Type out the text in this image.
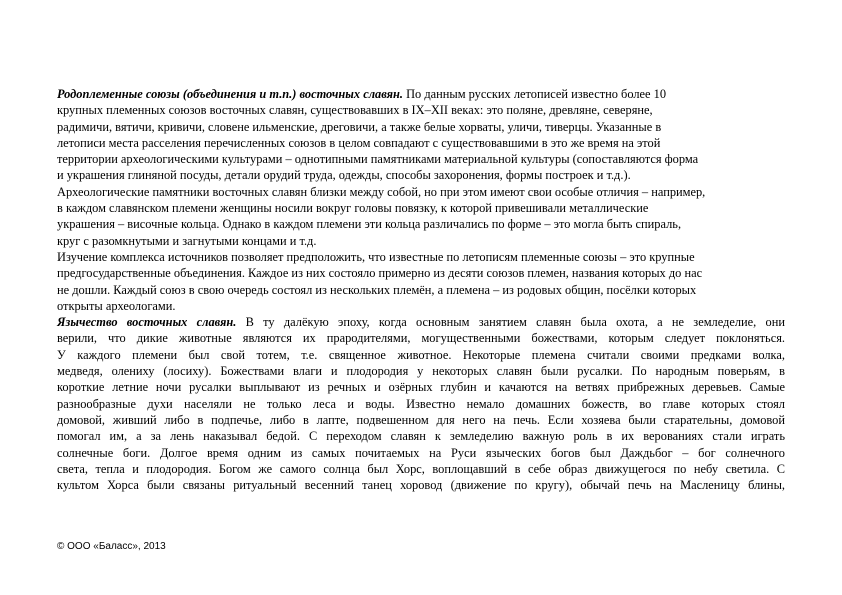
Родоплеменные союзы (объединения и т.п.) восточных славян. По данным русских летописей известно более 10
крупных племенных союзов восточных славян, существовавших в IX–XII веках: это поляне, древляне, северяне,
радимичи, вятичи, кривичи, словене ильменские, дреговичи, а также белые хорваты, уличи, тиверцы. Указанные в
летописи места расселения перечисленных союзов в целом совпадают с существовавшими в это же время на этой
территории археологическими культурами – однотипными памятниками материальной культуры (сопоставляются форма
и украшения глиняной посуды, детали орудий труда, одежды, способы захоронения, формы построек и т.д.).
Археологические памятники восточных славян близки между собой, но при этом имеют свои особые отличия – например,
в каждом славянском племени женщины носили вокруг головы повязку, к которой привешивали металлические
украшения – височные кольца. Однако в каждом племени эти кольца различались по форме – это могла быть спираль,
круг с разомкнутыми и загнутыми концами и т.д.
Изучение комплекса источников позволяет предположить, что известные по летописям племенные союзы – это крупные
предгосударственные объединения. Каждое из них состояло примерно из десяти союзов племен, названия которых до нас
не дошли. Каждый союз в свою очередь состоял из нескольких племён, а племена – из родовых общин, посёлки которых
открыты археологами.
Язычество восточных славян. В ту далёкую эпоху, когда основным занятием славян была охота, а не земледелие, они
верили, что дикие животные являются их прародителями, могущественными божествами, которым следует поклоняться.
У каждого племени был свой тотем, т.е. священное животное. Некоторые племена считали своими предками волка,
медведя, олениху (лосиху). Божествами влаги и плодородия у некоторых славян были русалки. По народным поверьям, в
короткие летние ночи русалки выплывают из речных и озёрных глубин и качаются на ветвях прибрежных деревьев. Самые
разнообразные духи населяли не только леса и воды. Известно немало домашних божеств, во главе которых стоял
домовой, живший либо в подпечье, либо в лапте, подвешенном для него на печь. Если хозяева были старательны, домовой
помогал им, а за лень наказывал бедой. С переходом славян к земледелию важную роль в их верованиях стали играть
солнечные боги. Долгое время одним из самых почитаемых на Руси языческих богов был Даждьбог – бог солнечного
света, тепла и плодородия. Богом же самого солнца был Хорс, воплощавший в себе образ движущегося по небу светила. С
культом Хорса были связаны ритуальный весенний танец хоровод (движение по кругу), обычай печь на Масленицу блины,
© ООО «Баласс», 2013
